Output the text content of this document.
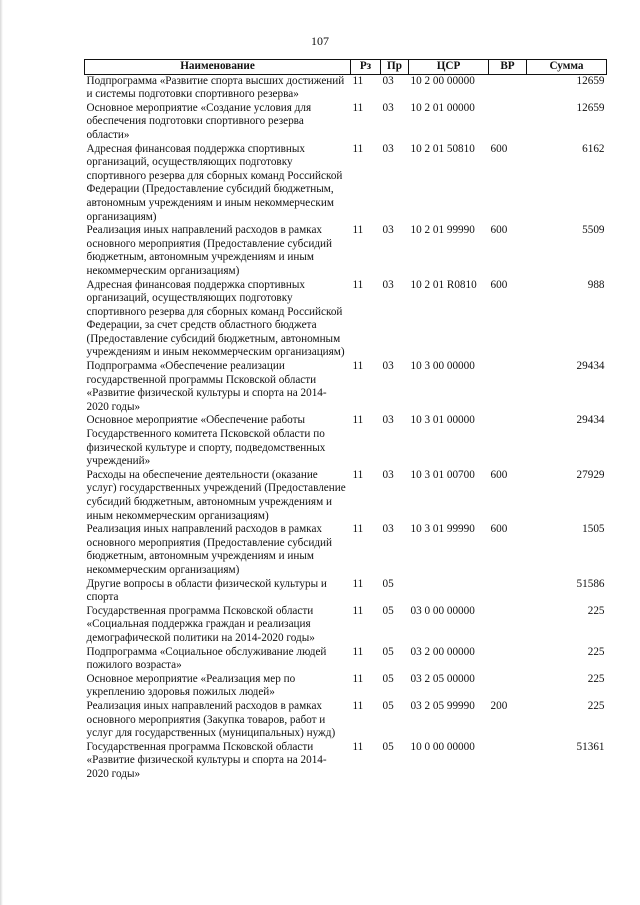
107
Наименование	Рз	Пр	ЦСР	ВР	Сумма
Подпрограмма «Развитие спорта высших достижений и системы подготовки спортивного резерва»	11	03	10 2 00 00000		12659
Основное мероприятие «Создание условия для обеспечения подготовки спортивного резерва области»	11	03	10 2 01 00000		12659
Адресная финансовая поддержка спортивных организаций, осуществляющих подготовку спортивного резерва для сборных команд Российской Федерации (Предоставление субсидий бюджетным, автономным учреждениям и иным некоммерческим организациям)	11	03	10 2 01 50810	600	6162
Реализация иных направлений расходов в рамках основного мероприятия (Предоставление субсидий бюджетным, автономным учреждениям и иным некоммерческим организациям)	11	03	10 2 01 99990	600	5509
Адресная финансовая поддержка спортивных организаций, осуществляющих подготовку спортивного резерва для сборных команд Российской Федерации, за счет средств областного бюджета (Предоставление субсидий бюджетным, автономным учреждениям и иным некоммерческим организациям)	11	03	10 2 01 R0810	600	988
Подпрограмма «Обеспечение реализации государственной программы Псковской области «Развитие физической культуры и спорта на 2014-2020 годы»	11	03	10 3 00 00000		29434
Основное мероприятие «Обеспечение работы Государственного комитета Псковской области по физической культуре и спорту, подведомственных учреждений»	11	03	10 3 01 00000		29434
Расходы на обеспечение деятельности (оказание услуг) государственных учреждений (Предоставление субсидий бюджетным, автономным учреждениям и иным некоммерческим организациям)	11	03	10 3 01 00700	600	27929
Реализация иных направлений расходов в рамках основного мероприятия (Предоставление субсидий бюджетным, автономным учреждениям и иным некоммерческим организациям)	11	03	10 3 01 99990	600	1505
Другие вопросы в области физической культуры и спорта	11	05			51586
Государственная программа Псковской области «Социальная поддержка граждан и реализация демографической политики на 2014-2020 годы»	11	05	03 0 00 00000		225
Подпрограмма «Социальное обслуживание людей пожилого возраста»	11	05	03 2 00 00000		225
Основное мероприятие «Реализация мер по укреплению здоровья пожилых людей»	11	05	03 2 05 00000		225
Реализация иных направлений расходов в рамках основного мероприятия (Закупка товаров, работ и услуг для государственных (муниципальных) нужд)	11	05	03 2 05 99990	200	225
Государственная программа Псковской области «Развитие физической культуры и спорта на 2014-2020 годы»	11	05	10 0 00 00000		51361
